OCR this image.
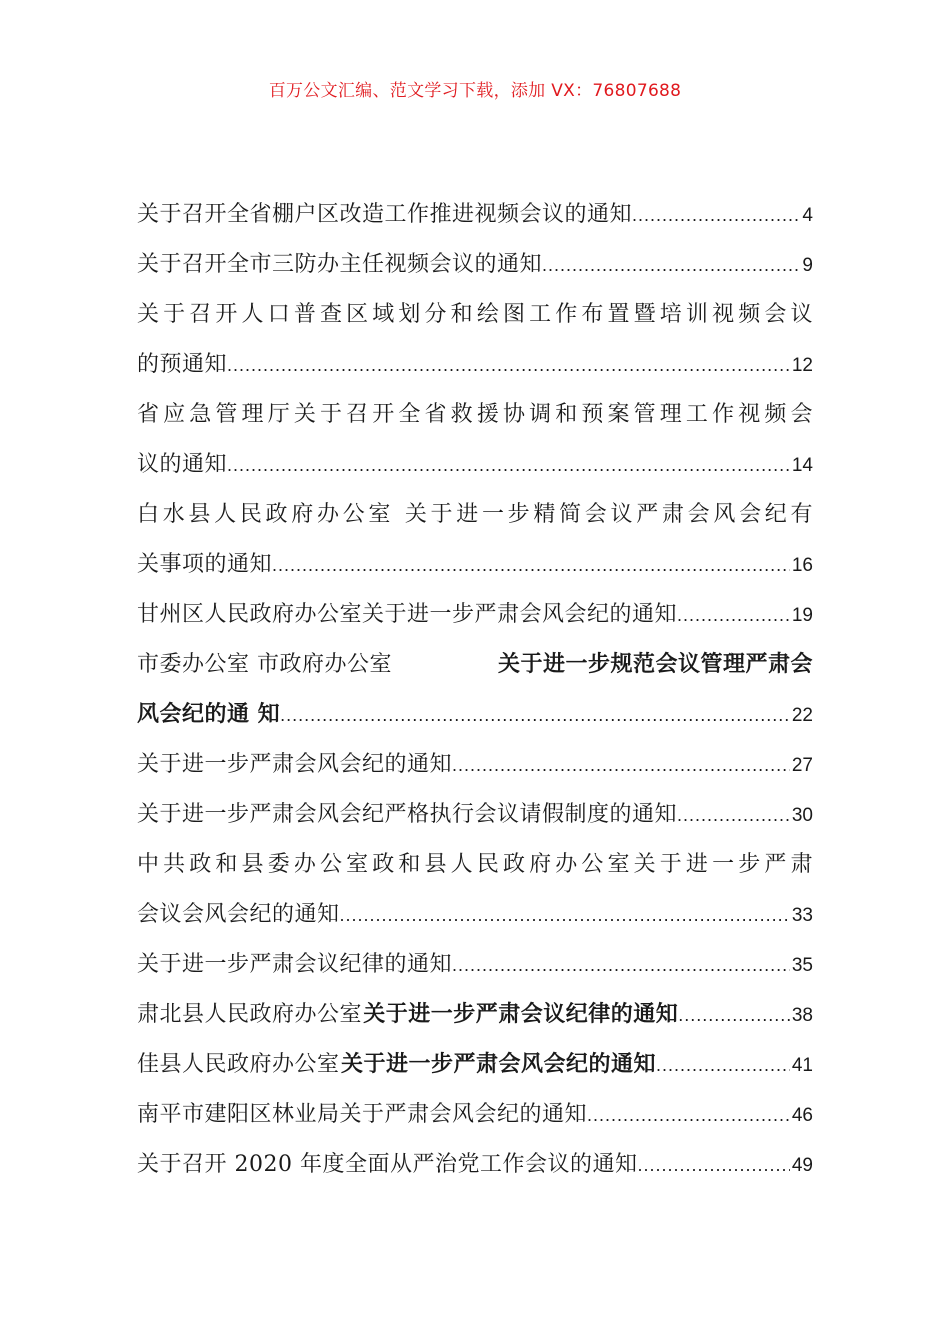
百万公文汇编、范文学习下载，添加 VX：76807688
关于召开全省棚户区改造工作推进视频会议的通知 .....	4
关于召开全市三防办主任视频会议的通知 .....	9
关于召开人口普查区域划分和绘图工作布置暨培训视频会议
的预通知 .....	12
省应急管理厅关于召开全省救援协调和预案管理工作视频会
议的通知 .....	14
白水县人民政府办公室 关于进一步精简会议严肃会风会纪有
关事项的通知 .....	16
甘州区人民政府办公室关于进一步严肃会风会纪的通知 .....	19
市委办公室 市政府办公室	关于进一步规范会议管理严肃会
风会纪的通 知 .....	22
关于进一步严肃会风会纪的通知 .....	27
关于进一步严肃会风会纪严格执行会议请假制度的通知 .....	30
中共政和县委办公室政和县人民政府办公室关于进一步严肃
会议会风会纪的通知 .....	33
关于进一步严肃会议纪律的通知 .....	35
肃北县人民政府办公室 关于进一步严肃会议纪律的通知 .....	38
佳县人民政府办公室 关于进一步严肃会风会纪的通知 .....	41
南平市建阳区林业局关于严肃会风会纪的通知 .....	46
关于召开 2020 年度全面从严治党工作会议的通知 .....	49
